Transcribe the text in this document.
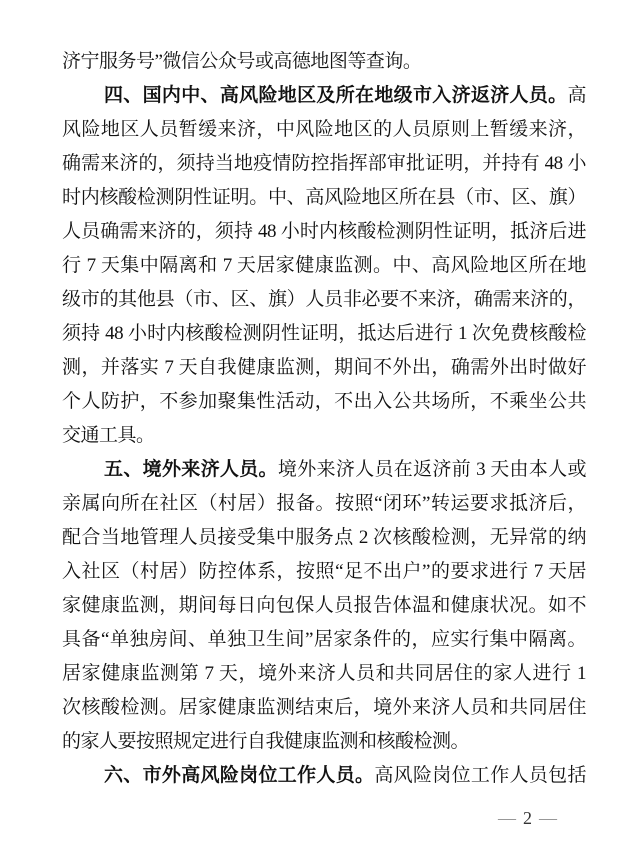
济宁服务号”微信公众号或高德地图等查询。
四、国内中、高风险地区及所在地级市入济返济人员。高
风险地区人员暂缓来济，中风险地区的人员原则上暂缓来济，
确需来济的，须持当地疫情防控指挥部审批证明，并持有 48 小
时内核酸检测阴性证明。中、高风险地区所在县（市、区、旗）
人员确需来济的，须持 48 小时内核酸检测阴性证明，抵济后进
行 7 天集中隔离和 7 天居家健康监测。中、高风险地区所在地
级市的其他县（市、区、旗）人员非必要不来济，确需来济的，
须持 48 小时内核酸检测阴性证明，抵达后进行 1 次免费核酸检
测，并落实 7 天自我健康监测，期间不外出，确需外出时做好
个人防护，不参加聚集性活动，不出入公共场所，不乘坐公共
交通工具。
五、境外来济人员。境外来济人员在返济前 3 天由本人或
亲属向所在社区（村居）报备。按照“闭环”转运要求抵济后，
配合当地管理人员接受集中服务点 2 次核酸检测，无异常的纳
入社区（村居）防控体系，按照“足不出户”的要求进行 7 天居
家健康监测，期间每日向包保人员报告体温和健康状况。如不
具备“单独房间、单独卫生间”居家条件的，应实行集中隔离。
居家健康监测第 7 天，境外来济人员和共同居住的家人进行 1
次核酸检测。居家健康监测结束后，境外来济人员和共同居住
的家人要按照规定进行自我健康监测和核酸检测。
六、市外高风险岗位工作人员。高风险岗位工作人员包括
— 2 —
